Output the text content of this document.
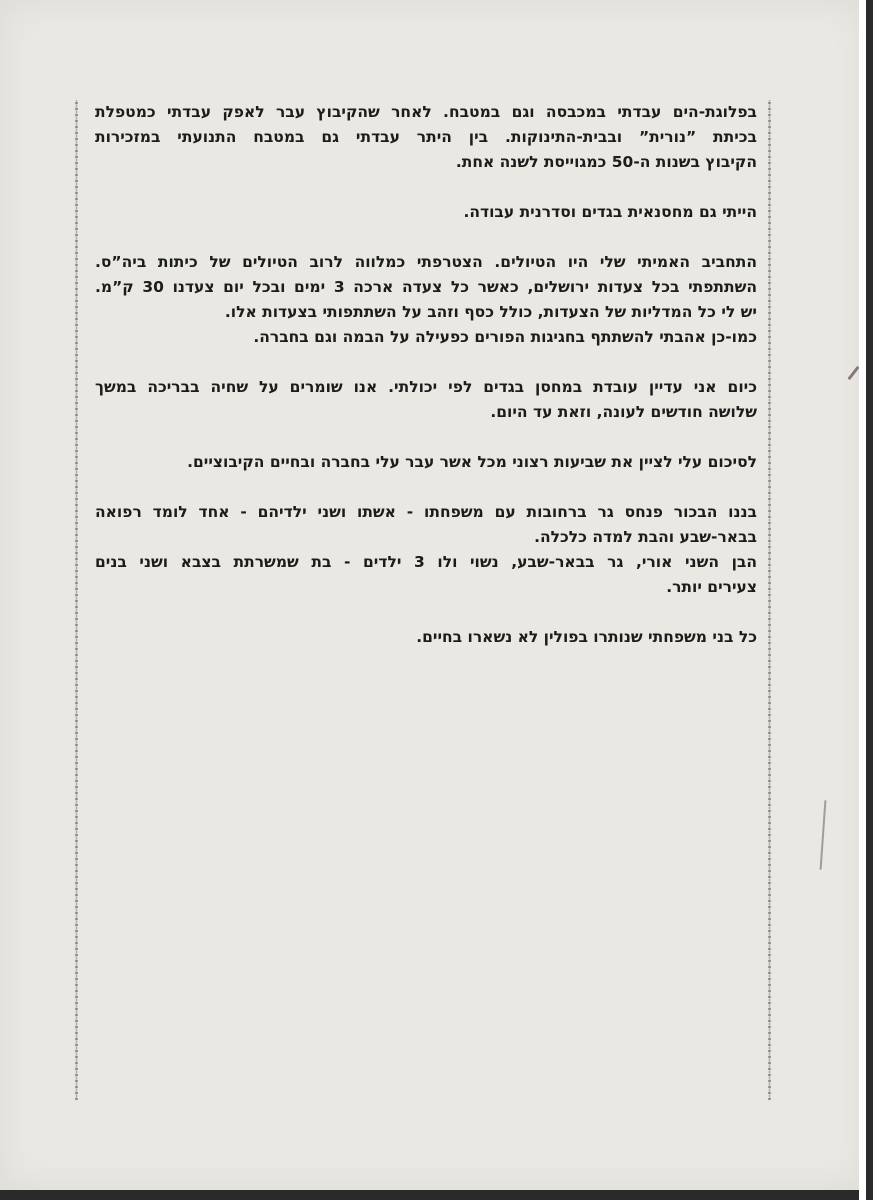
בפלוגת-הים עבדתי במכבסה וגם במטבח. לאחר שהקיבוץ עבר לאפק עבדתי כמטפלת
בכיתת ”נורית” ובבית-התינוקות. בין היתר עבדתי גם במטבח התנועתי במזכירות
הקיבוץ בשנות ה-50 כמגוייסת לשנה אחת.
הייתי גם מחסנאית בגדים וסדרנית עבודה.
התחביב האמיתי שלי היו הטיולים. הצטרפתי כמלווה לרוב הטיולים של כיתות ביה”ס.
השתתפתי בכל צעדות ירושלים, כאשר כל צעדה ארכה 3 ימים ובכל יום צעדנו 30 ק”מ.
יש לי כל המדליות של הצעדות, כולל כסף וזהב על השתתפותי בצעדות אלו.
כמו-כן אהבתי להשתתף בחגיגות הפורים כפעילה על הבמה וגם בחברה.
כיום אני עדיין עובדת במחסן בגדים לפי יכולתי. אנו שומרים על שחיה בבריכה במשך
שלושה חודשים לעונה, וזאת עד היום.
לסיכום עלי לציין את שביעות רצוני מכל אשר עבר עלי בחברה ובחיים הקיבוציים.
בננו הבכור פנחס גר ברחובות עם משפחתו - אשתו ושני ילדיהם - אחד לומד רפואה
בבאר-שבע והבת למדה כלכלה.
הבן השני אורי, גר בבאר-שבע, נשוי ולו 3 ילדים - בת שמשרתת בצבא ושני בנים
צעירים יותר.
כל בני משפחתי שנותרו בפולין לא נשארו בחיים.
